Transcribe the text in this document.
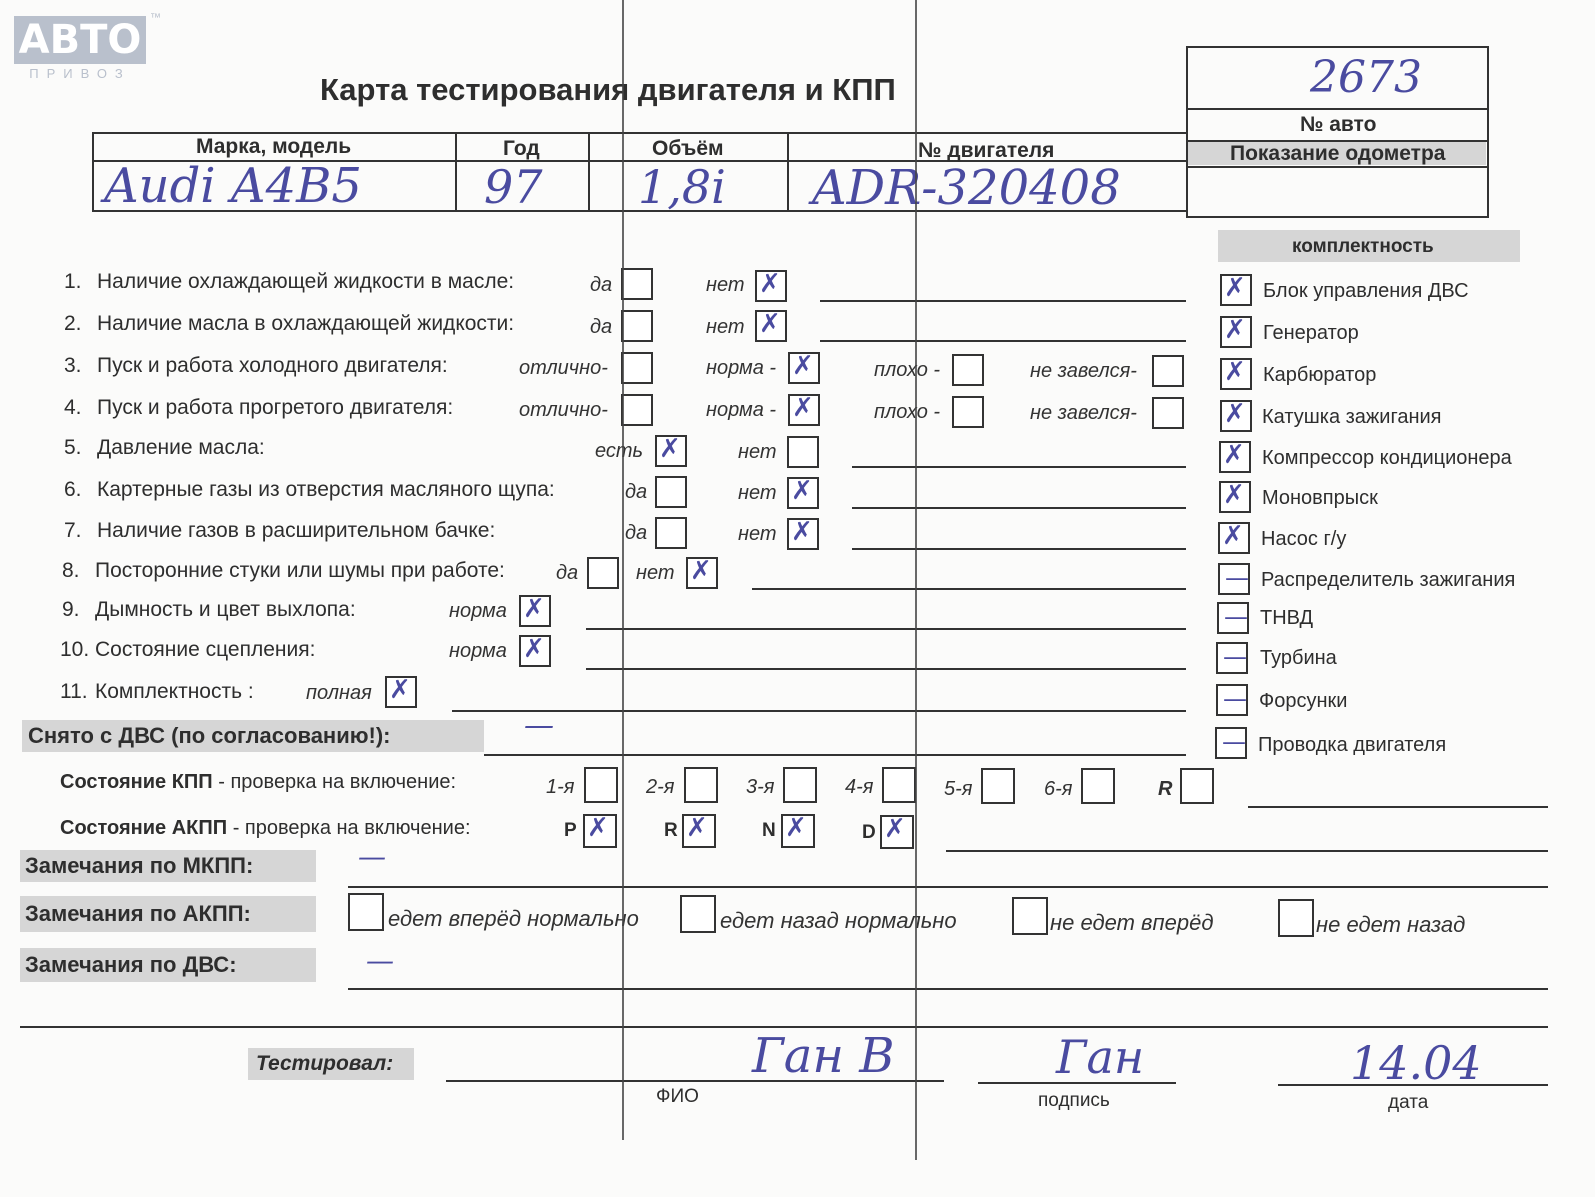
АВТО ™
ПРИВОЗ	Карта тестирования двигателя и КПП
Марка, модель	Год	Объём	№ двигателя
№ авто
Показание одометра
2673
Audi A4B5	97 1,8i ADR-320408
комплектность
1. Наличие охлаждающей жидкости в масле:	да	нет ✗
2. Наличие масла в охлаждающей жидкости:	да	нет ✗
3. Пуск и работа холодного двигателя:	отлично-	норма - ✗	плохо -	не завелся-
4. Пуск и работа прогретого двигателя:	отлично-	норма - ✗	плохо -	не завелся-
5. Давление масла:	есть ✗	нет
6. Картерные газы из отверстия масляного щупа:	да	нет ✗
7. Наличие газов в расширительном бачке:	да	нет ✗
8. Посторонние стуки или шумы при работе:	да	нет ✗
9. Дымность и цвет выхлопа:	норма ✗
10. Состояние сцепления:	норма ✗
11. Комплектность :	полная ✗
✗ Блок управления ДВС
✗ Генератор
✗ Карбюратор
✗ Катушка зажигания
✗ Компрессор кондиционера
✗ Моновпрыск
✗ Насос г/у
— Распределитель зажигания
— ТНВД
— Турбина
— Форсунки
— Проводка двигателя
Снято с ДВС (по согласованию!):	—
Состояние КПП - проверка на включение:	1-я	2-я	3-я	4-я	5-я	6-я	R
Состояние АКПП - проверка на включение:	P ✗	R ✗	N ✗	D ✗
Замечания по МКПП:	—
Замечания по АКПП:	едет вперёд нормально	едет назад нормально	не едет вперёд	не едет назад
Замечания по ДВС:	—
Тестировал:
ФИО	подпись	дата
Ган В	Ган	14.04
